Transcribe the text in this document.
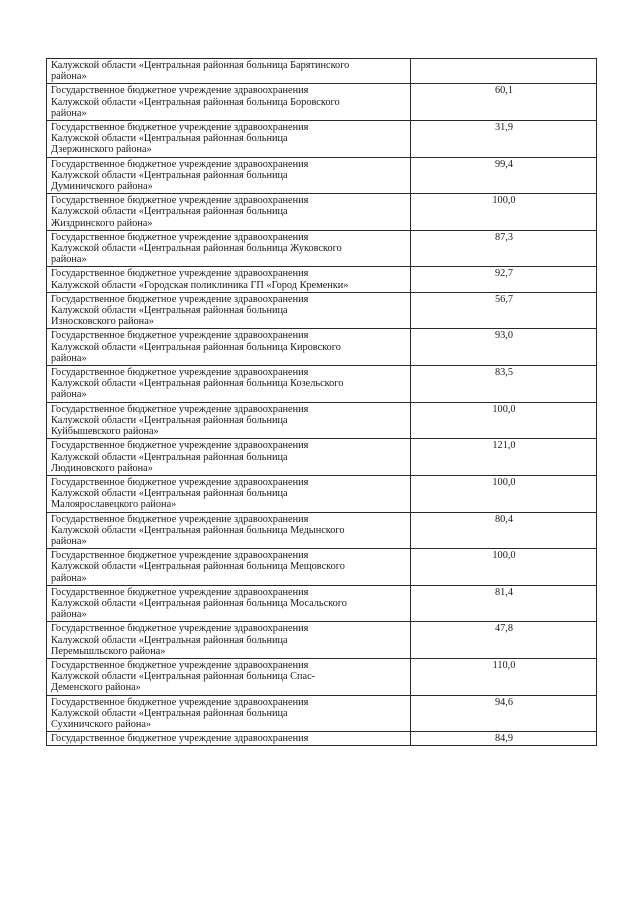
Калужской области «Центральная районная больница Барятинского
района»	

Государственное бюджетное учреждение здравоохранения
Калужской области «Центральная районная больница Боровского
района»	60,1

Государственное бюджетное учреждение здравоохранения
Калужской области «Центральная районная больница
Дзержинского района»	31,9

Государственное бюджетное учреждение здравоохранения
Калужской области «Центральная районная больница
Думиничского района»	99,4

Государственное бюджетное учреждение здравоохранения
Калужской области «Центральная районная больница
Жиздринского района»	100,0

Государственное бюджетное учреждение здравоохранения
Калужской области «Центральная районная больница Жуковского
района»	87,3

Государственное бюджетное учреждение здравоохранения
Калужской области «Городская поликлиника ГП «Город Кременки»	92,7

Государственное бюджетное учреждение здравоохранения
Калужской области «Центральная районная больница
Износковского района»	56,7

Государственное бюджетное учреждение здравоохранения
Калужской области «Центральная районная больница Кировского
района»	93,0

Государственное бюджетное учреждение здравоохранения
Калужской области «Центральная районная больница Козельского
района»	83,5

Государственное бюджетное учреждение здравоохранения
Калужской области «Центральная районная больница
Куйбышевского района»	100,0

Государственное бюджетное учреждение здравоохранения
Калужской области «Центральная районная больница
Людиновского района»	121,0

Государственное бюджетное учреждение здравоохранения
Калужской области «Центральная районная больница
Малоярославецкого района»	100,0

Государственное бюджетное учреждение здравоохранения
Калужской области «Центральная районная больница Медынского
района»	80,4

Государственное бюджетное учреждение здравоохранения
Калужской области «Центральная районная больница Мещовского
района»	100,0

Государственное бюджетное учреждение здравоохранения
Калужской области «Центральная районная больница Мосальского
района»	81,4

Государственное бюджетное учреждение здравоохранения
Калужской области «Центральная районная больница
Перемышльского района»	47,8

Государственное бюджетное учреждение здравоохранения
Калужской области «Центральная районная больница Спас-
Деменского района»	110,0

Государственное бюджетное учреждение здравоохранения
Калужской области «Центральная районная больница
Сухиничского района»	94,6

Государственное бюджетное учреждение здравоохранения	84,9
